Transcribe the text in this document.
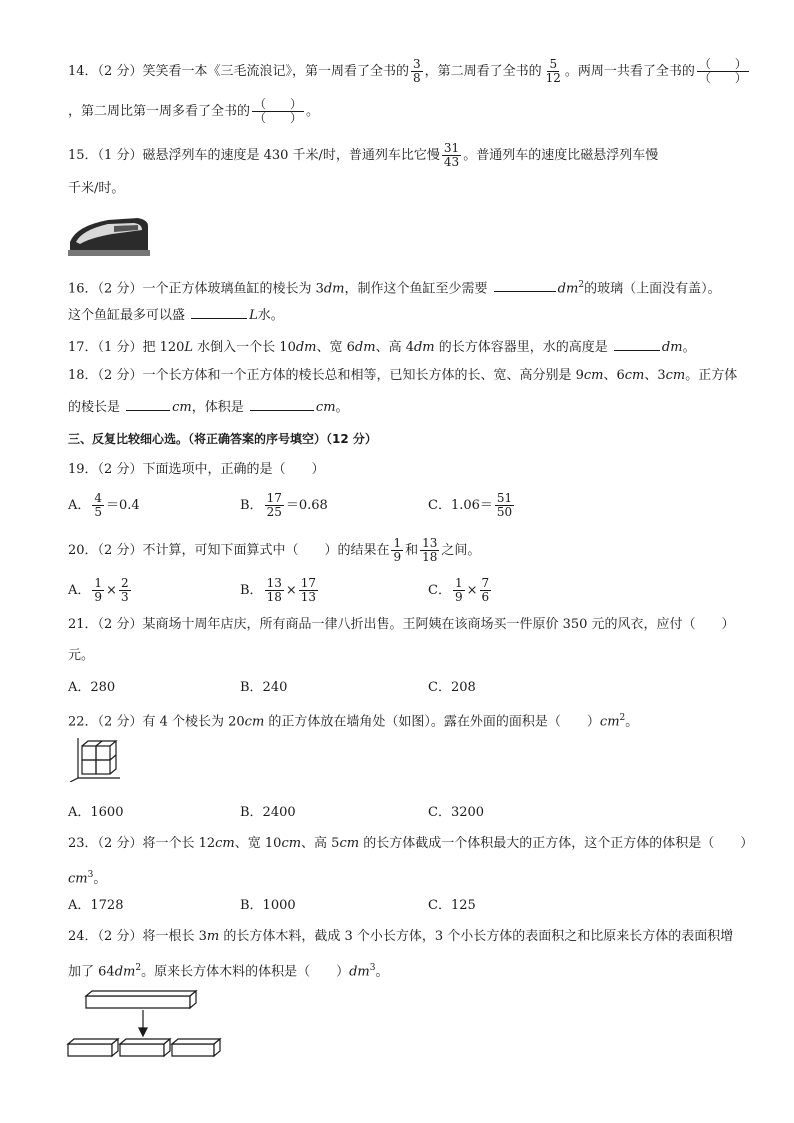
14．（2 分）笑笑看一本《三毛流浪记》，第一周看了全书的 $\frac{3}{8}$ ，第二周看了全书的 $\frac{5}{12}$ 。两周一共看了全书的 $\frac{( )}{( )}$
，第二周比第一周多看了全书的 $\frac{( )}{( )}$ 。
15．（1 分）磁悬浮列车的速度是 430 千米/时，普通列车比它慢 $\frac{31}{43}$ 。普通列车的速度比磁悬浮列车慢
千米/时。
16．（2 分）一个正方体玻璃鱼缸的棱长为 3dm，制作这个鱼缸至少需要	$dm^2$的玻璃（上面没有盖）。
这个鱼缸最多可以盛	L水。
17．（1 分）把 120L 水倒入一个长 10dm、宽 6dm、高 4dm 的长方体容器里，水的高度是	dm。
18．（2 分）一个长方体和一个正方体的棱长总和相等，已知长方体的长、宽、高分别是 9cm、6cm、3cm。正方体
的棱长是	cm，体积是	cm。
三、反复比较细心选。（将正确答案的序号填空）（12 分）
19．（2 分）下面选项中，正确的是（　　）
A． $\frac{4}{5} =0.4$	B． $\frac{17}{25} =0.68$	C．$1.06= \frac{51}{50}$
20．（2 分）不计算，可知下面算式中（　　）的结果在 $\frac{1}{9}$ 和 $\frac{13}{18}$ 之间。
A． $\frac{1}{9} \times \frac{2}{3}$	B． $\frac{13}{18} \times \frac{17}{13}$	C． $\frac{1}{9} \times \frac{7}{6}$
21．（2 分）某商场十周年店庆，所有商品一律八折出售。王阿姨在该商场买一件原价 350 元的风衣，应付（　　）
元。
A．280	B．240	C．208
22．（2 分）有 4 个棱长为 20cm 的正方体放在墙角处（如图）。露在外面的面积是（　　）$cm^2$。
A．1600	B．2400	C．3200
23．（2 分）将一个长 12cm、宽 10cm、高 5cm 的长方体截成一个体积最大的正方体，这个正方体的体积是（　　）
$cm^3$。
A．1728	B．1000	C．125
24．（2 分）将一根长 3m 的长方体木料，截成 3 个小长方体，3 个小长方体的表面积之和比原来长方体的表面积增
加了 $64dm^2$。原来长方体木料的体积是（　　）$dm^3$。
